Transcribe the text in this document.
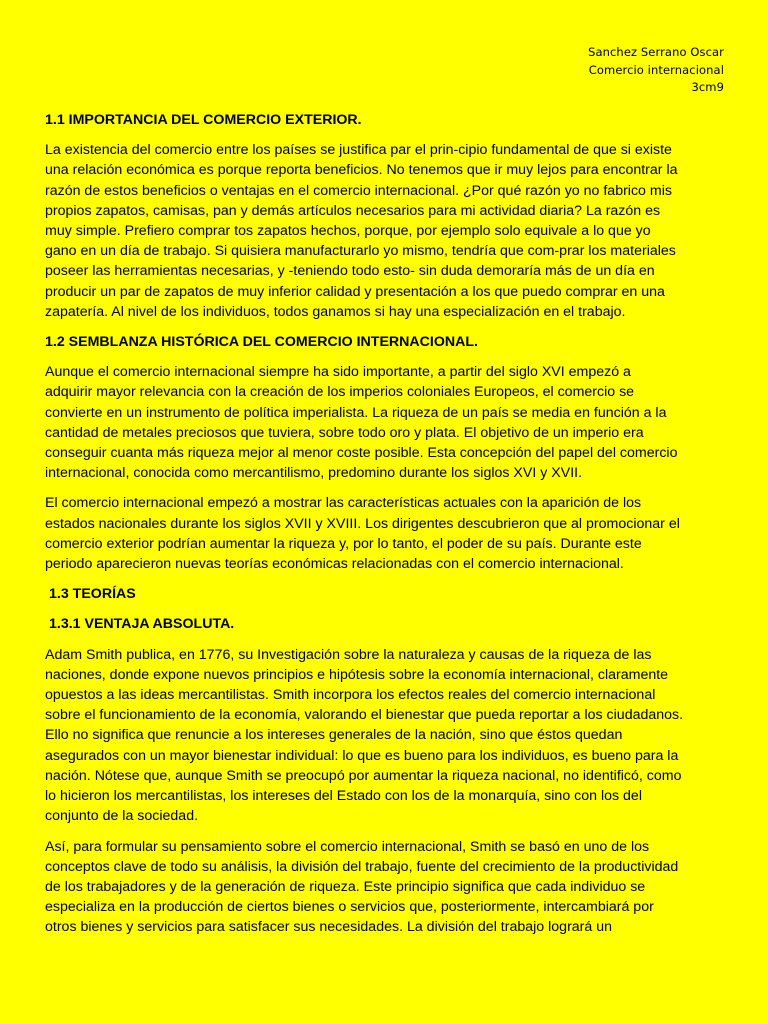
Sanchez Serrano Oscar
Comercio internacional
3cm9
1.1 IMPORTANCIA DEL COMERCIO EXTERIOR.
La existencia del comercio entre los países se justifica par el prin-cipio fundamental de que si existe
una relación económica es porque reporta beneficios. No tenemos que ir muy lejos para encontrar la
razón de estos beneficios o ventajas en el comercio internacional. ¿Por qué razón yo no fabrico mis
propios zapatos, camisas, pan y demás artículos necesarios para mi actividad diaria? La razón es
muy simple. Prefiero comprar tos zapatos hechos, porque, por ejemplo solo equivale a lo que yo
gano en un día de trabajo. Si quisiera manufacturarlo yo mismo, tendría que com-prar los materiales
poseer las herramientas necesarias, y -teniendo todo esto- sin duda demoraría más de un día en
producir un par de zapatos de muy inferior calidad y presentación a los que puedo comprar en una
zapatería. Al nivel de los individuos, todos ganamos si hay una especialización en el trabajo.
1.2 SEMBLANZA HISTÓRICA DEL COMERCIO INTERNACIONAL.
Aunque el comercio internacional siempre ha sido importante, a partir del siglo XVI empezó a
adquirir mayor relevancia con la creación de los imperios coloniales Europeos, el comercio se
convierte en un instrumento de política imperialista. La riqueza de un país se media en función a la
cantidad de metales preciosos que tuviera, sobre todo oro y plata. El objetivo de un imperio era
conseguir cuanta más riqueza mejor al menor coste posible. Esta concepción del papel del comercio
internacional, conocida como mercantilismo, predomino durante los siglos XVI y XVII.
El comercio internacional empezó a mostrar las características actuales con la aparición de los
estados nacionales durante los siglos XVII y XVIII. Los dirigentes descubrieron que al promocionar el
comercio exterior podrían aumentar la riqueza y, por lo tanto, el poder de su país. Durante este
periodo aparecieron nuevas teorías económicas relacionadas con el comercio internacional.
1.3 TEORÍAS
1.3.1 VENTAJA ABSOLUTA.
Adam Smith publica, en 1776, su Investigación sobre la naturaleza y causas de la riqueza de las
naciones, donde expone nuevos principios e hipótesis sobre la economía internacional, claramente
opuestos a las ideas mercantilistas. Smith incorpora los efectos reales del comercio internacional
sobre el funcionamiento de la economía, valorando el bienestar que pueda reportar a los ciudadanos.
Ello no significa que renuncie a los intereses generales de la nación, sino que éstos quedan
asegurados con un mayor bienestar individual: lo que es bueno para los individuos, es bueno para la
nación. Nótese que, aunque Smith se preocupó por aumentar la riqueza nacional, no identificó, como
lo hicieron los mercantilistas, los intereses del Estado con los de la monarquía, sino con los del
conjunto de la sociedad.
Así, para formular su pensamiento sobre el comercio internacional, Smith se basó en uno de los
conceptos clave de todo su análisis, la división del trabajo, fuente del crecimiento de la productividad
de los trabajadores y de la generación de riqueza. Este principio significa que cada individuo se
especializa en la producción de ciertos bienes o servicios que, posteriormente, intercambiará por
otros bienes y servicios para satisfacer sus necesidades. La división del trabajo logrará un
